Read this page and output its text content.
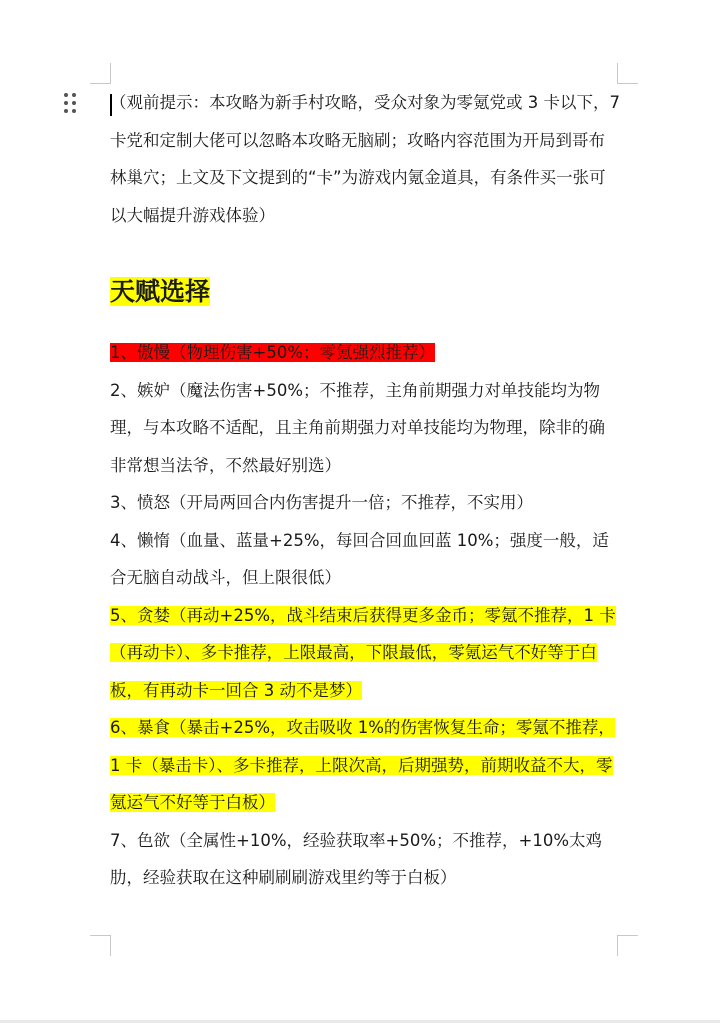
（观前提示：本攻略为新手村攻略，受众对象为零氪党或 3 卡以下，7 卡党和定制大佬可以忽略本攻略无脑刷；攻略内容范围为开局到哥布林巢穴；上文及下文提到的“卡”为游戏内氪金道具，有条件买一张可以大幅提升游戏体验）

天赋选择

1、傲慢（物理伤害+50%；零氪强烈推荐）

2、嫉妒（魔法伤害+50%；不推荐，主角前期强力对单技能均为物理，与本攻略不适配，且主角前期强力对单技能均为物理，除非的确非常想当法爷，不然最好别选）

3、愤怒（开局两回合内伤害提升一倍；不推荐，不实用）

4、懒惰（血量、蓝量+25%，每回合回血回蓝 10%；强度一般，适合无脑自动战斗，但上限很低）

5、贪婪（再动+25%，战斗结束后获得更多金币；零氪不推荐，1 卡（再动卡）、多卡推荐，上限最高，下限最低，零氪运气不好等于白板，有再动卡一回合 3 动不是梦）

6、暴食（暴击+25%，攻击吸收 1%的伤害恢复生命；零氪不推荐，1 卡（暴击卡）、多卡推荐，上限次高，后期强势，前期收益不大，零氪运气不好等于白板）

7、色欲（全属性+10%，经验获取率+50%；不推荐，+10%太鸡肋，经验获取在这种刷刷刷游戏里约等于白板）
